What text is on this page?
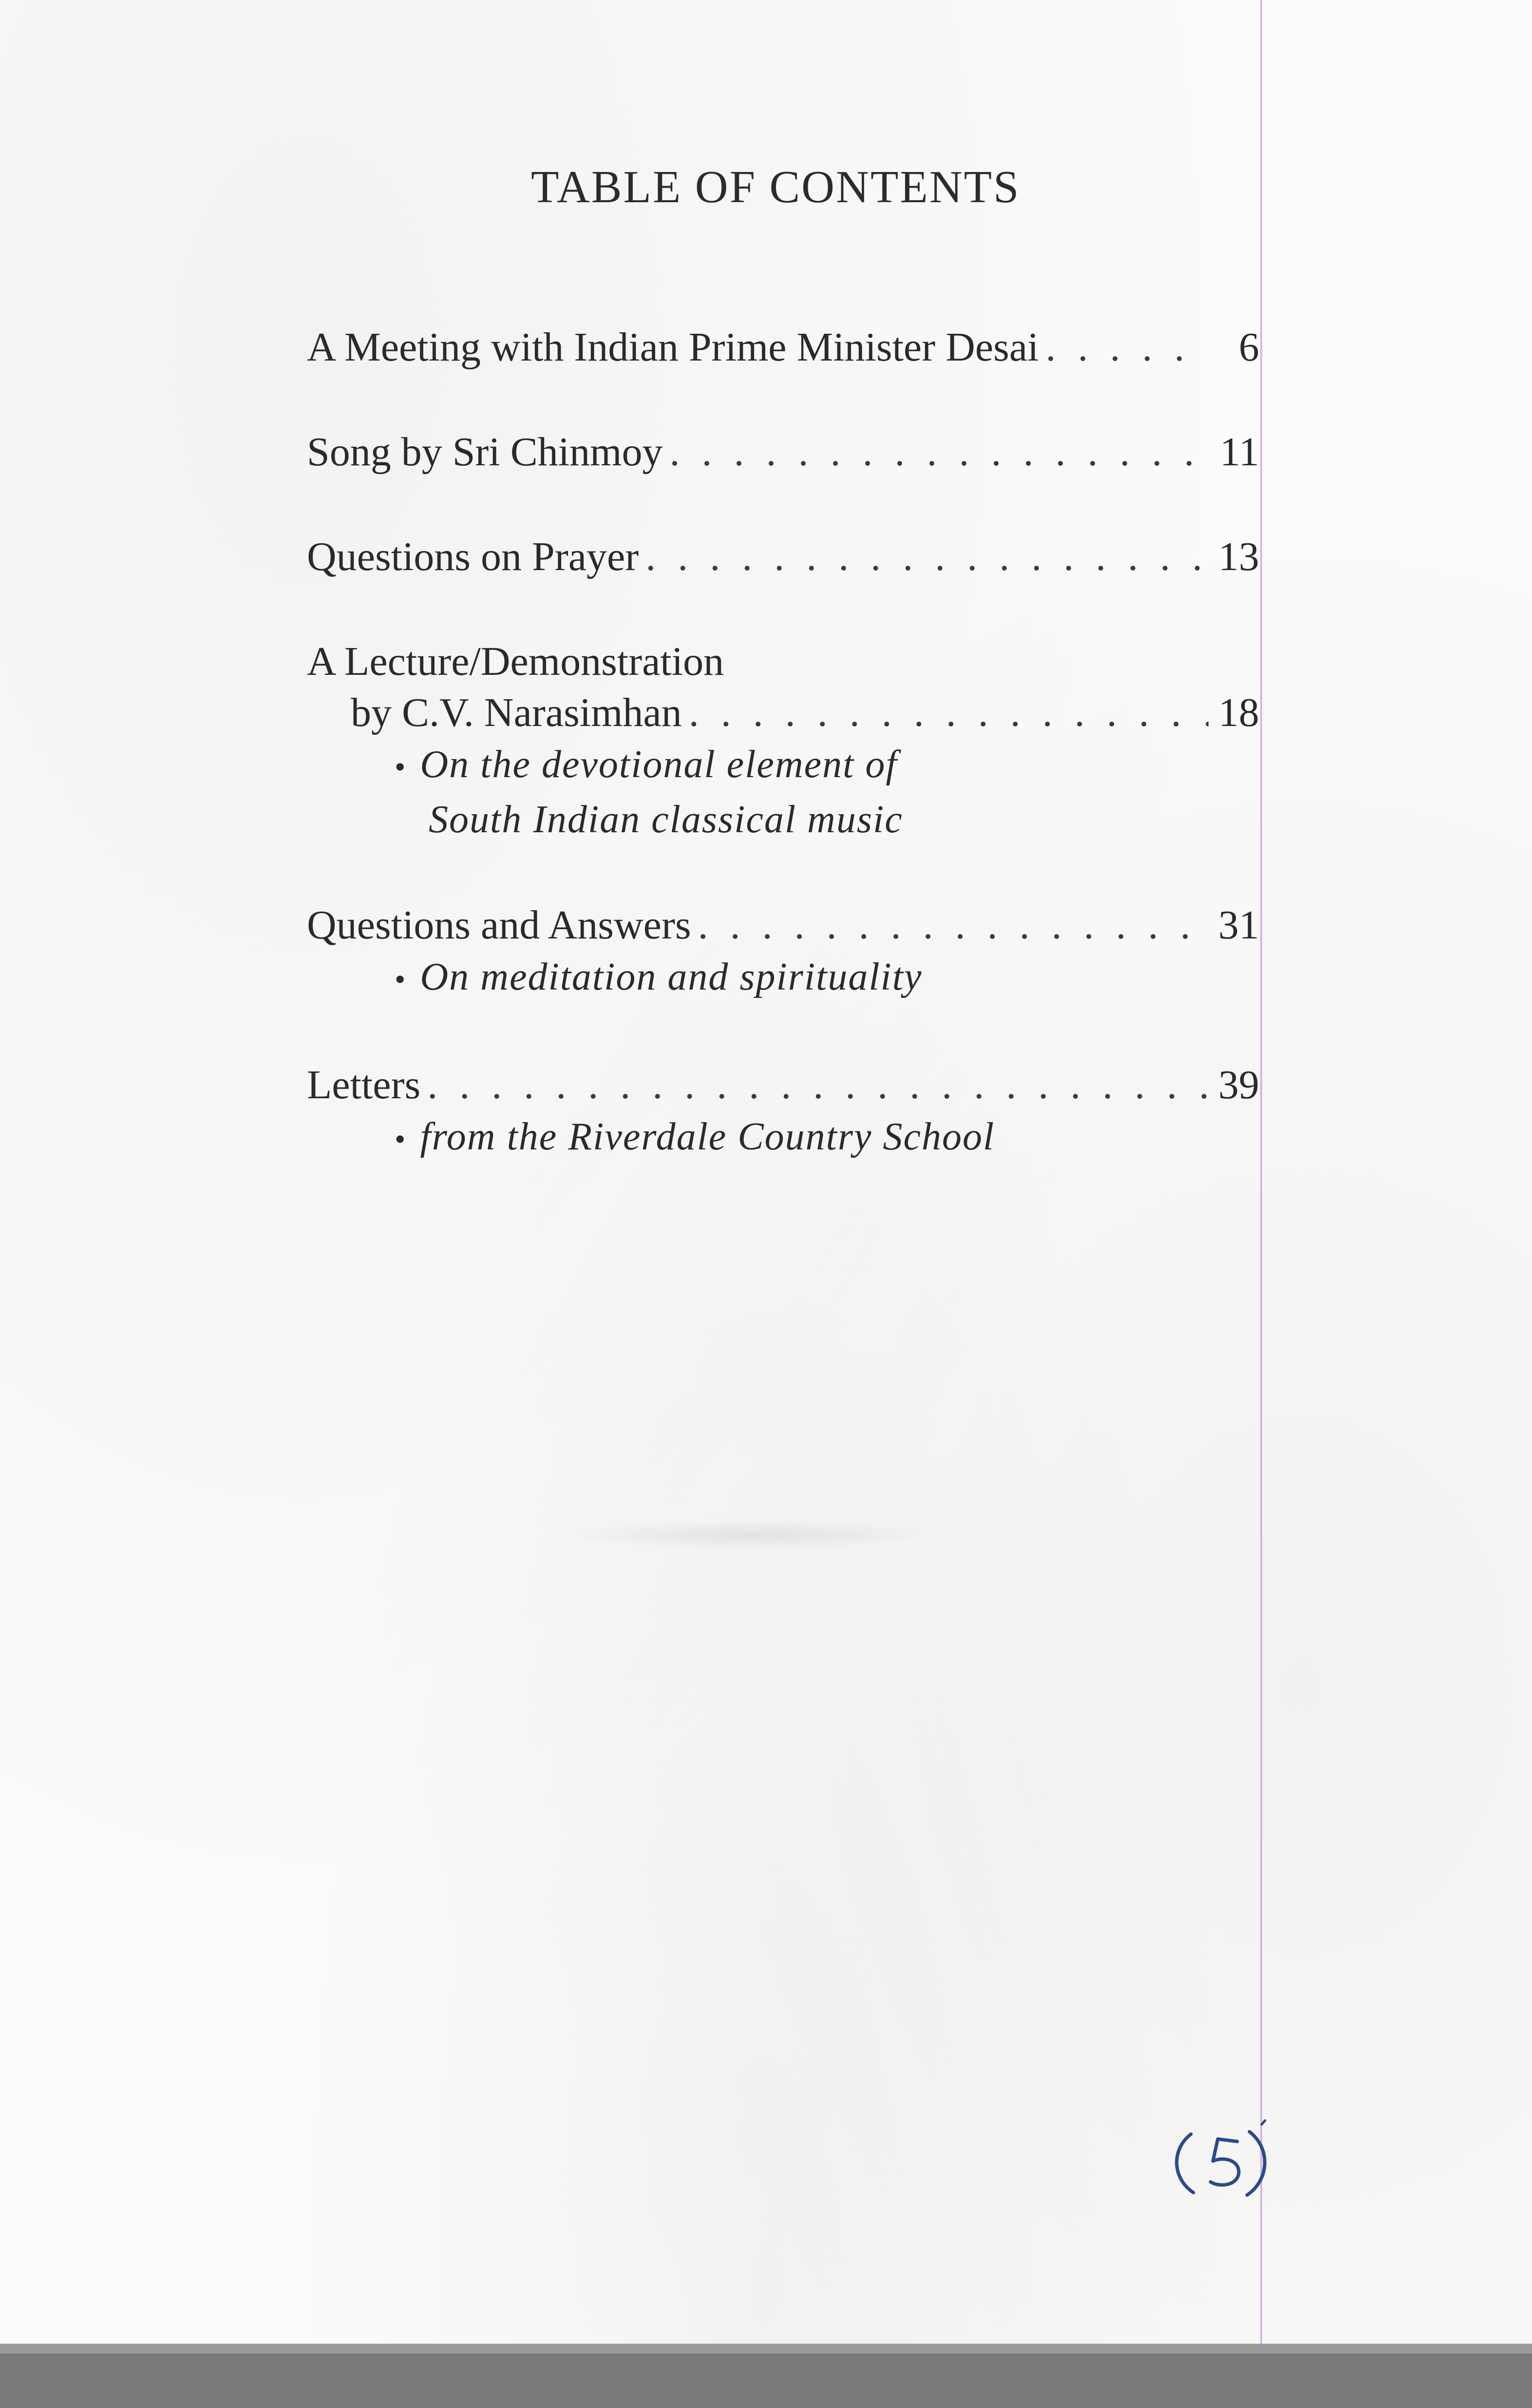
TABLE OF CONTENTS
A Meeting with Indian Prime Minister Desai . . .	6
Song by Sri Chinmoy . . .	11
Questions on Prayer . . .	13
A Lecture/Demonstration
by C.V. Narasimhan . . .	18
• On the devotional element of
South Indian classical music
Questions and Answers . . .	31
• On meditation and spirituality
Letters . . .	39
• from the Riverdale Country School
